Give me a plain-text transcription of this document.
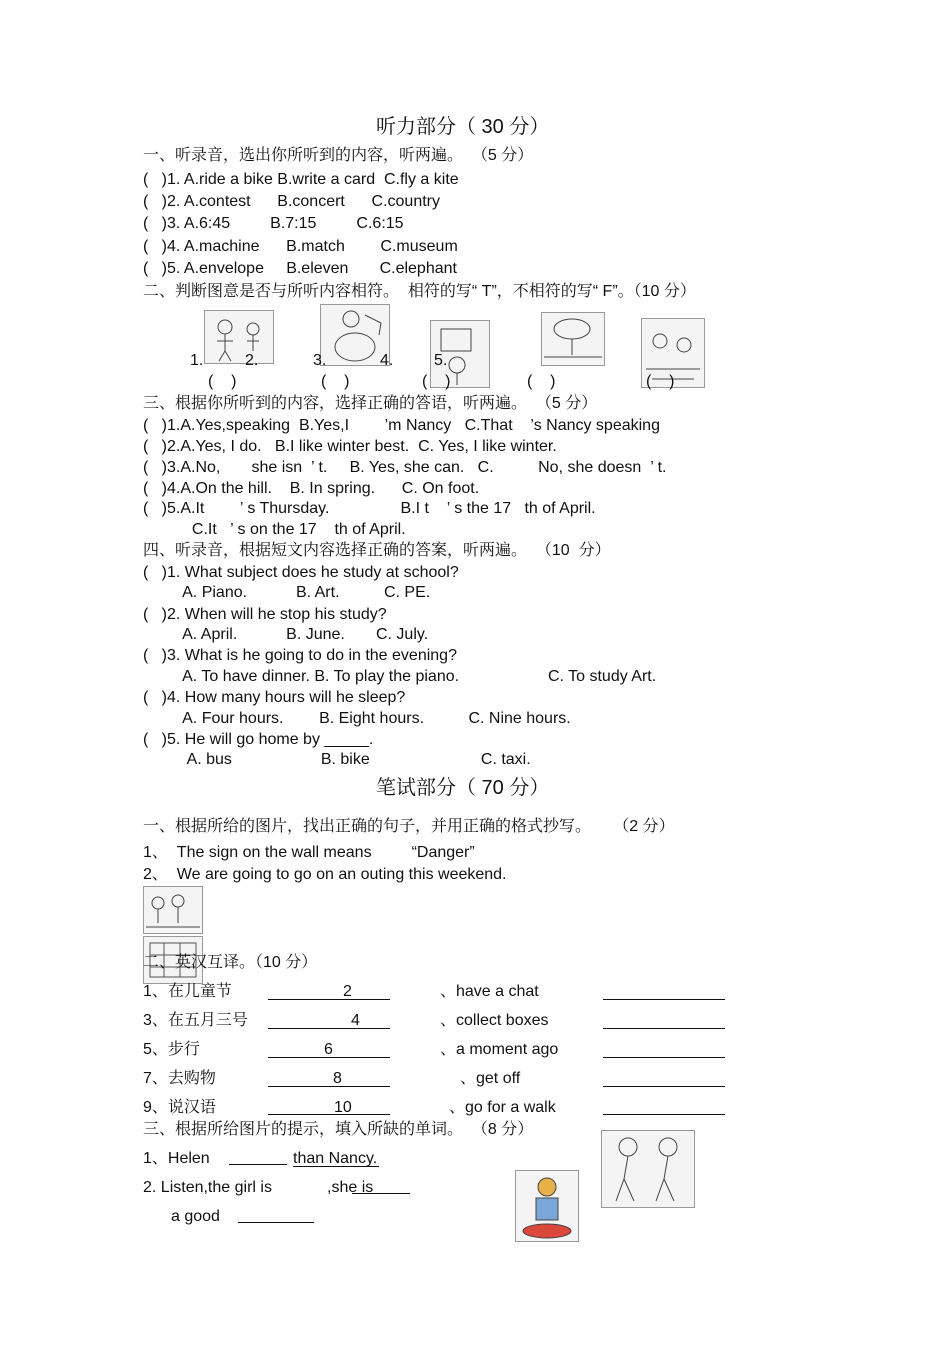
听力部分（ 30 分）
一、听录音，选出你所听到的内容，听两遍。  （5 分）
(   )1. A.ride a bike B.write a card  C.fly a kite
(   )2. A.contest      B.concert      C.country
(   )3. A.6:45         B.7:15         C.6:15
(   )4. A.machine      B.match        C.museum
(   )5. A.envelope     B.eleven       C.elephant
二、判断图意是否与所听内容相符。  相符的写“ T”，不相符的写“ F”。（10 分）
1.	2.	3.	4.	5.
(    )	(    )	(    )	(    )	(    )
三、根据你所听到的内容，选择正确的答语，听两遍。  （5 分）
(   )1.A.Yes,speaking  B.Yes,I        ’m Nancy   C.That    ’s Nancy speaking
(   )2.A.Yes, I do.   B.I like winter best.  C. Yes, I like winter.
(   )3.A.No,       she isn  ’ t.     B. Yes, she can.   C.          No, she doesn  ’ t.
(   )4.A.On the hill.    B. In spring.      C. On foot.
(   )5.A.It        ’ s Thursday.                B.I t    ’ s the 17   th of April.
C.It   ’ s on the 17    th of April.
四、听录音，根据短文内容选择正确的答案，听两遍。  （10  分）
(   )1. What subject does he study at school?
A. Piano.           B. Art.          C. PE.
(   )2. When will he stop his study?
A. April.           B. June.       C. July.
(   )3. What is he going to do in the evening?
A. To have dinner. B. To play the piano.                    C. To study Art.
(   )4. How many hours will he sleep?
A. Four hours.        B. Eight hours.          C. Nine hours.
(   )5. He will go home by _____.
A. bus                    B. bike                         C. taxi.
笔试部分（ 70 分）
一、根据所给的图片，找出正确的句子，并用正确的格式抄写。     （2 分）
1、  The sign on the wall means         “Danger”
2、  We are going to go on an outing this weekend.
二、英汉互译。（10 分）
1、在儿童节	2	、have a chat
3、在五月三号	4	、collect boxes
5、步行	6	、a moment ago
7、去购物	8	、get off
9、说汉语	10	、go for a walk
三、根据所给图片的提示，填入所缺的单词。  （8 分）
1、Helen	than Nancy.
2. Listen,the girl is	,she is
a good
